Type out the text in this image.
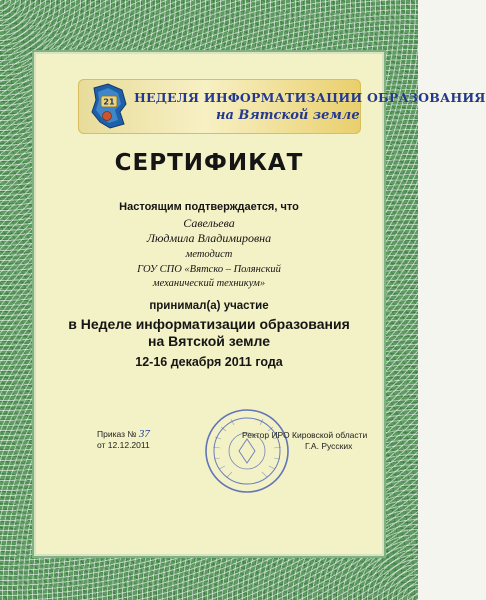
21 НЕДЕЛЯ ИНФОРМАТИЗАЦИИ ОБРАЗОВАНИЯ
на Вятской земле
СЕРТИФИКАТ
Настоящим подтверждается, что
Савельева
Людмила Владимировна
методист
ГОУ СПО «Вятско – Полянский
механический техникум»
принимал(а) участие
в Неделе информатизации образования
на Вятской земле
12-16 декабря 2011 года
Приказ № 37
от 12.12.2011
Ректор ИРО Кировской области
Г.А. Русских
